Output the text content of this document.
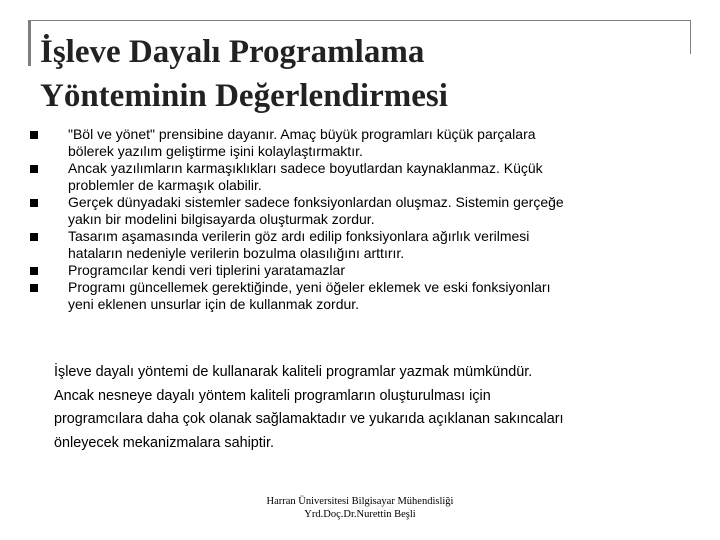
İşleve Dayalı Programlama
Yönteminin Değerlendirmesi
"Böl ve yönet" prensibine dayanır. Amaç büyük programları küçük parçalara
bölerek yazılım geliştirme işini kolaylaştırmaktır.
Ancak yazılımların karmaşıklıkları sadece boyutlardan kaynaklanmaz. Küçük
problemler de karmaşık olabilir.
Gerçek dünyadaki sistemler sadece fonksiyonlardan oluşmaz. Sistemin gerçeğe
yakın bir modelini bilgisayarda oluşturmak zordur.
Tasarım aşamasında verilerin göz ardı edilip fonksiyonlara ağırlık verilmesi
hataların nedeniyle verilerin bozulma olasılığını arttırır.
Programcılar kendi veri tiplerini yaratamazlar
Programı güncellemek gerektiğinde, yeni öğeler eklemek ve eski fonksiyonları
yeni eklenen unsurlar için de kullanmak zordur.

İşleve dayalı yöntemi de kullanarak kaliteli programlar yazmak mümkündür.
Ancak nesneye dayalı yöntem kaliteli programların oluşturulması için
programcılara daha çok olanak sağlamaktadır ve yukarıda açıklanan sakıncaları
önleyecek mekanizmalara sahiptir.

Harran Üniversitesi Bilgisayar Mühendisliği
Yrd.Doç.Dr.Nurettin Beşli
